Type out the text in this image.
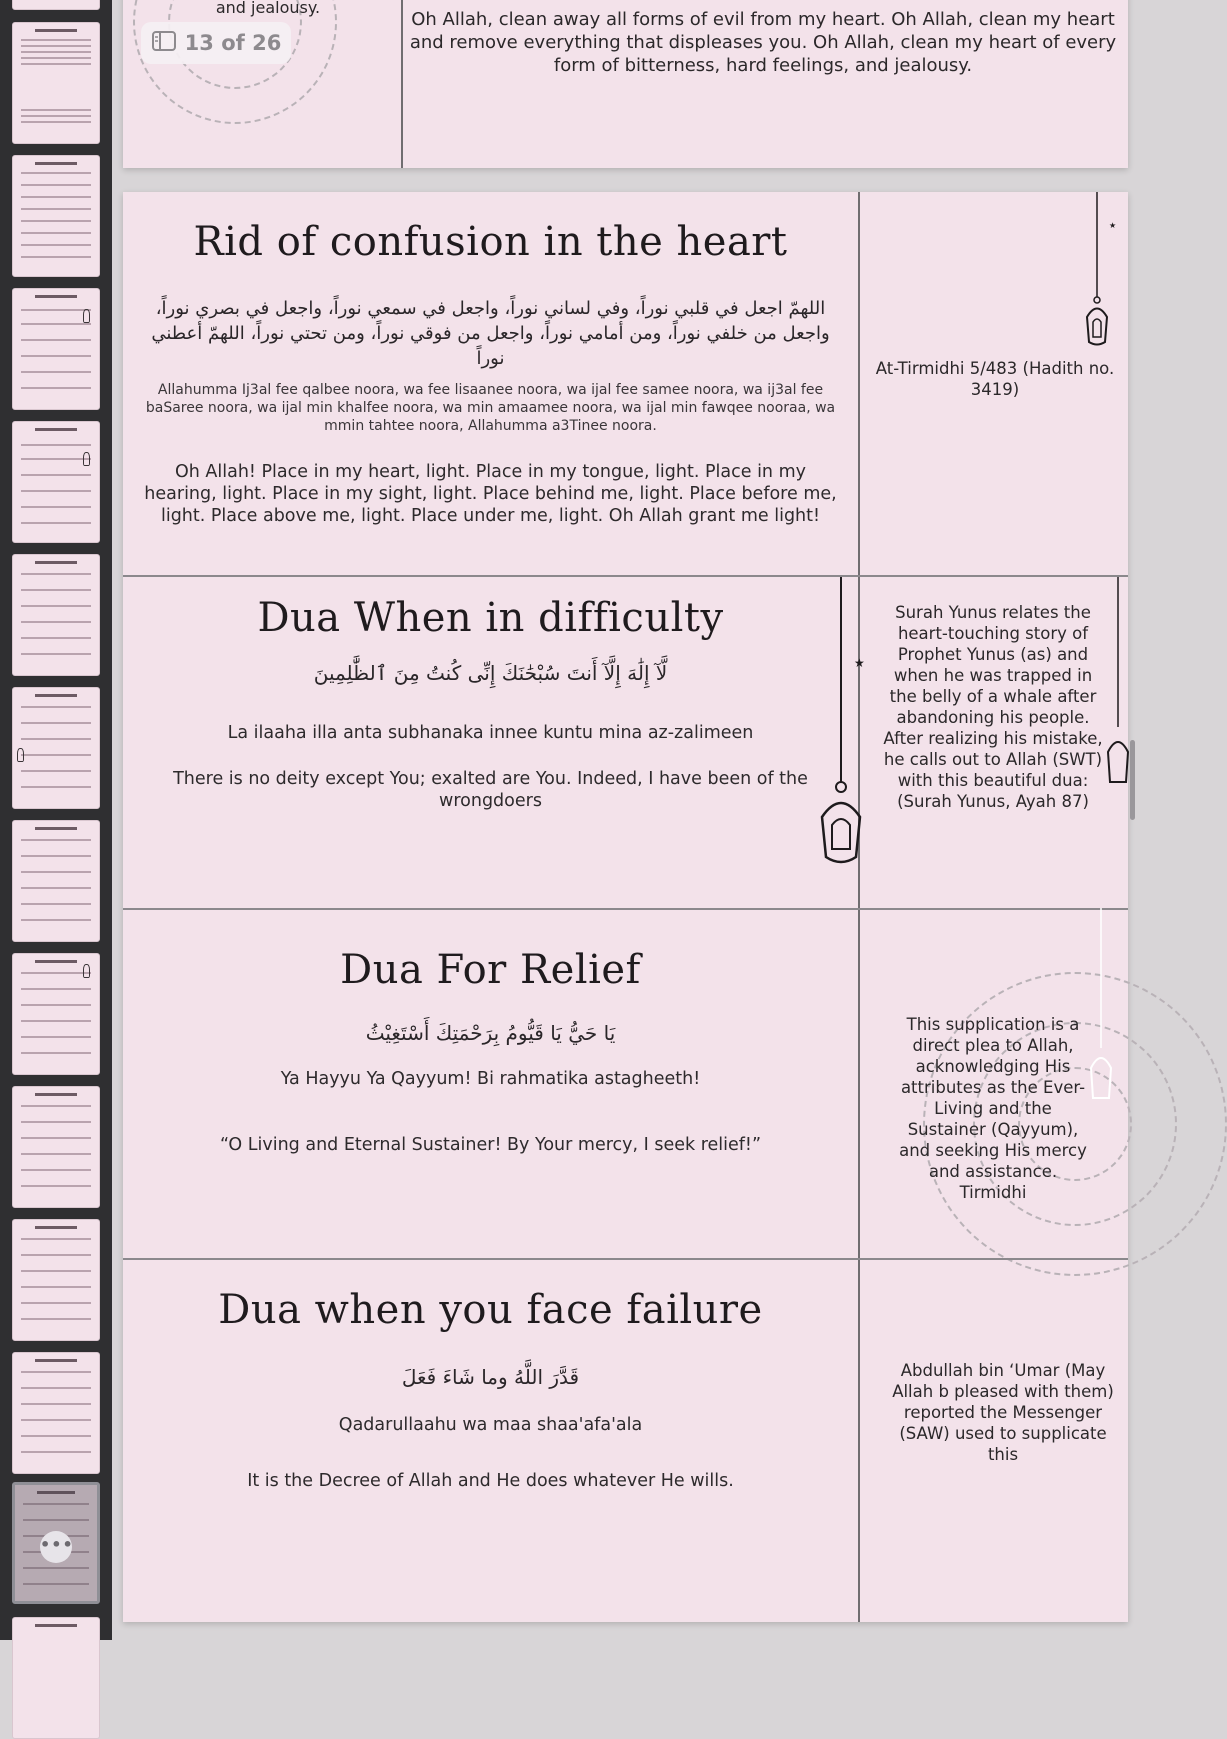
•••
and jealousy.
Oh Allah, clean away all forms of evil from my heart. Oh Allah, clean my heart and remove everything that displeases you. Oh Allah, clean my heart of every form of bitterness, hard feelings, and jealousy.
13 of 26
★
★
Rid of confusion in the heart
اللهمّ اجعل في قلبي نوراً، وفي لساني نوراً، واجعل في سمعي نوراً، واجعل في بصري نوراً، واجعل من خلفي نوراً، ومن أمامي نوراً، واجعل من فوقي نوراً، ومن تحتي نوراً، اللهمّ أعطني نوراً
Allahumma Ij3al fee qalbee noora, wa fee lisaanee noora, wa ijal fee samee noora, wa ij3al fee baSaree noora, wa ijal min khalfee noora, wa min amaamee noora, wa ijal min fawqee nooraa, wa mmin tahtee noora, Allahumma a3Tinee noora.
Oh Allah! Place in my heart, light. Place in my tongue, light. Place in my hearing, light. Place in my sight, light. Place behind me, light. Place before me, light. Place above me, light. Place under me, light. Oh Allah grant me light!
At-Tirmidhi 5/483 (Hadith no. 3419)
Dua When in difficulty
لَّآ إِلَٰهَ إِلَّآ أَنتَ سُبْحَٰنَكَ إِنِّى كُنتُ مِنَ ٱلظَّٰلِمِينَ
La ilaaha illa anta subhanaka innee kuntu mina az-zalimeen
There is no deity except You; exalted are You. Indeed, I have been of the wrongdoers
Surah Yunus relates the heart-touching story of Prophet Yunus (as) and when he was trapped in the belly of a whale after abandoning his people. After realizing his mistake, he calls out to Allah (SWT) with this beautiful dua: (Surah Yunus, Ayah 87)
Dua For Relief
يَا حَيُّ يَا قَيُّومُ بِرَحْمَتِكَ أَسْتَغِيْثُ
Ya Hayyu Ya Qayyum! Bi rahmatika astagheeth!
“O Living and Eternal Sustainer! By Your mercy, I seek relief!”
This supplication is a direct plea to Allah, acknowledging His attributes as the Ever-Living and the Sustainer (Qayyum), and seeking His mercy and assistance. Tirmidhi
Dua when you face failure
قَدَّرَ اللَّهُ وما شَاءَ فَعَلَ
Qadarullaahu wa maa shaa'afa'ala
It is the Decree of Allah and He does whatever He wills.
Abdullah bin ‘Umar (May Allah b pleased with them) reported the Messenger (SAW) used to supplicate this
